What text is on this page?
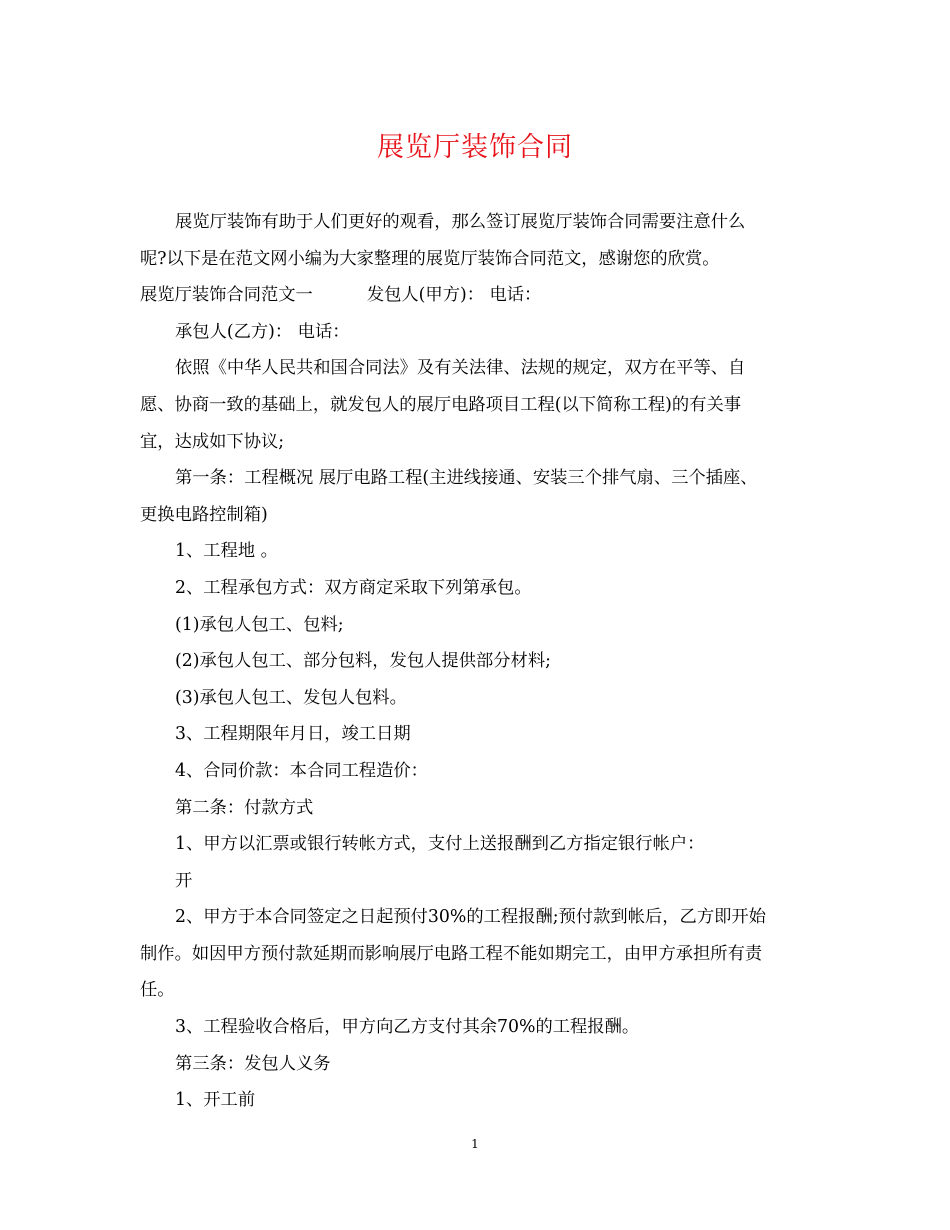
展览厅装饰合同

展览厅装饰有助于人们更好的观看，那么签订展览厅装饰合同需要注意什么

呢?以下是在范文网小编为大家整理的展览厅装饰合同范文，感谢您的欣赏。

展览厅装饰合同范文一	发包人(甲方)： 电话：

承包人(乙方)： 电话：

依照《中华人民共和国合同法》及有关法律、法规的规定，双方在平等、自

愿、协商一致的基础上，就发包人的展厅电路项目工程(以下简称工程)的有关事

宜，达成如下协议;

第一条：工程概况 展厅电路工程(主进线接通、安装三个排气扇、三个插座、

更换电路控制箱)

1、工程地 。

2、工程承包方式：双方商定采取下列第承包。

(1)承包人包工、包料;

(2)承包人包工、部分包料，发包人提供部分材料;

(3)承包人包工、发包人包料。

3、工程期限年月日，竣工日期

4、合同价款：本合同工程造价：

第二条：付款方式

1、甲方以汇票或银行转帐方式，支付上送报酬到乙方指定银行帐户：

开

2、甲方于本合同签定之日起预付30%的工程报酬;预付款到帐后，乙方即开始

制作。如因甲方预付款延期而影响展厅电路工程不能如期完工，由甲方承担所有责

任。

3、工程验收合格后，甲方向乙方支付其余70%的工程报酬。

第三条：发包人义务

1、开工前

1
